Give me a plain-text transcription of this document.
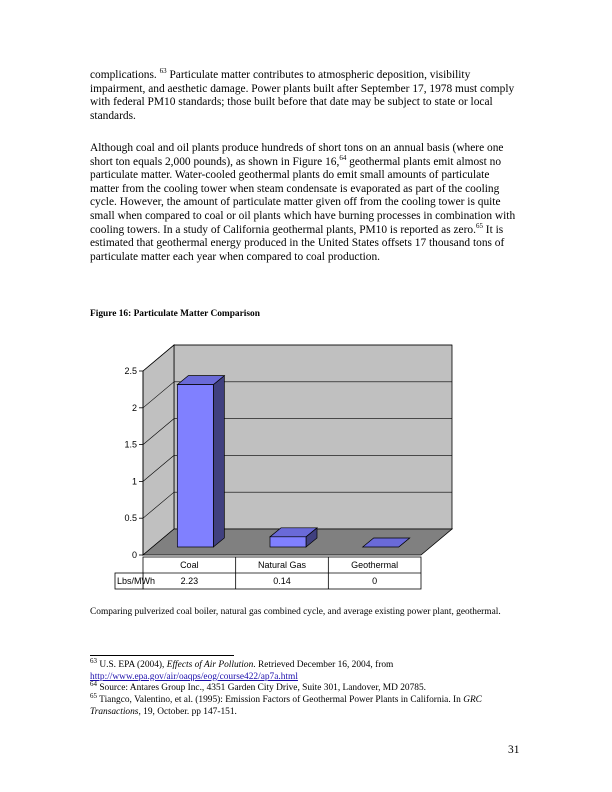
complications. $^{63}$ Particulate matter contributes to atmospheric deposition, visibility impairment, and aesthetic damage. Power plants built after September 17, 1978 must comply with federal PM10 standards; those built before that date may be subject to state or local standards.

Although coal and oil plants produce hundreds of short tons on an annual basis (where one short ton equals 2,000 pounds), as shown in Figure 16,64 geothermal plants emit almost no particulate matter. Water-cooled geothermal plants do emit small amounts of particulate matter from the cooling tower when steam condensate is evaporated as part of the cooling cycle. However, the amount of particulate matter given off from the cooling tower is quite small when compared to coal or oil plants which have burning processes in combination with cooling towers. In a study of California geothermal plants, PM10 is reported as zero.$^{65}$ It is estimated that geothermal energy produced in the United States offsets 17 thousand tons of particulate matter each year when compared to coal production.

Figure 16: Particulate Matter Comparison
0
0.5
1
1.5
2
2.5
Coal
2.23
Natural Gas
0.14
Geothermal
0
Lbs/MWh

Comparing pulverized coal boiler, natural gas combined cycle, and average existing power plant, geothermal.

$^{63}$ U.S. EPA (2004), Effects of Air Pollution. Retrieved December 16, 2004, from
http://www.epa.gov/air/oaqps/eog/course422/ap7a.html

$^{64}$ Source: Antares Group Inc., 4351 Garden City Drive, Suite 301, Landover, MD 20785.

$^{65}$ Tiangco, Valentino, et al. (1995): Emission Factors of Geothermal Power Plants in California. In GRC Transactions, 19, October. pp 147-151.

31
